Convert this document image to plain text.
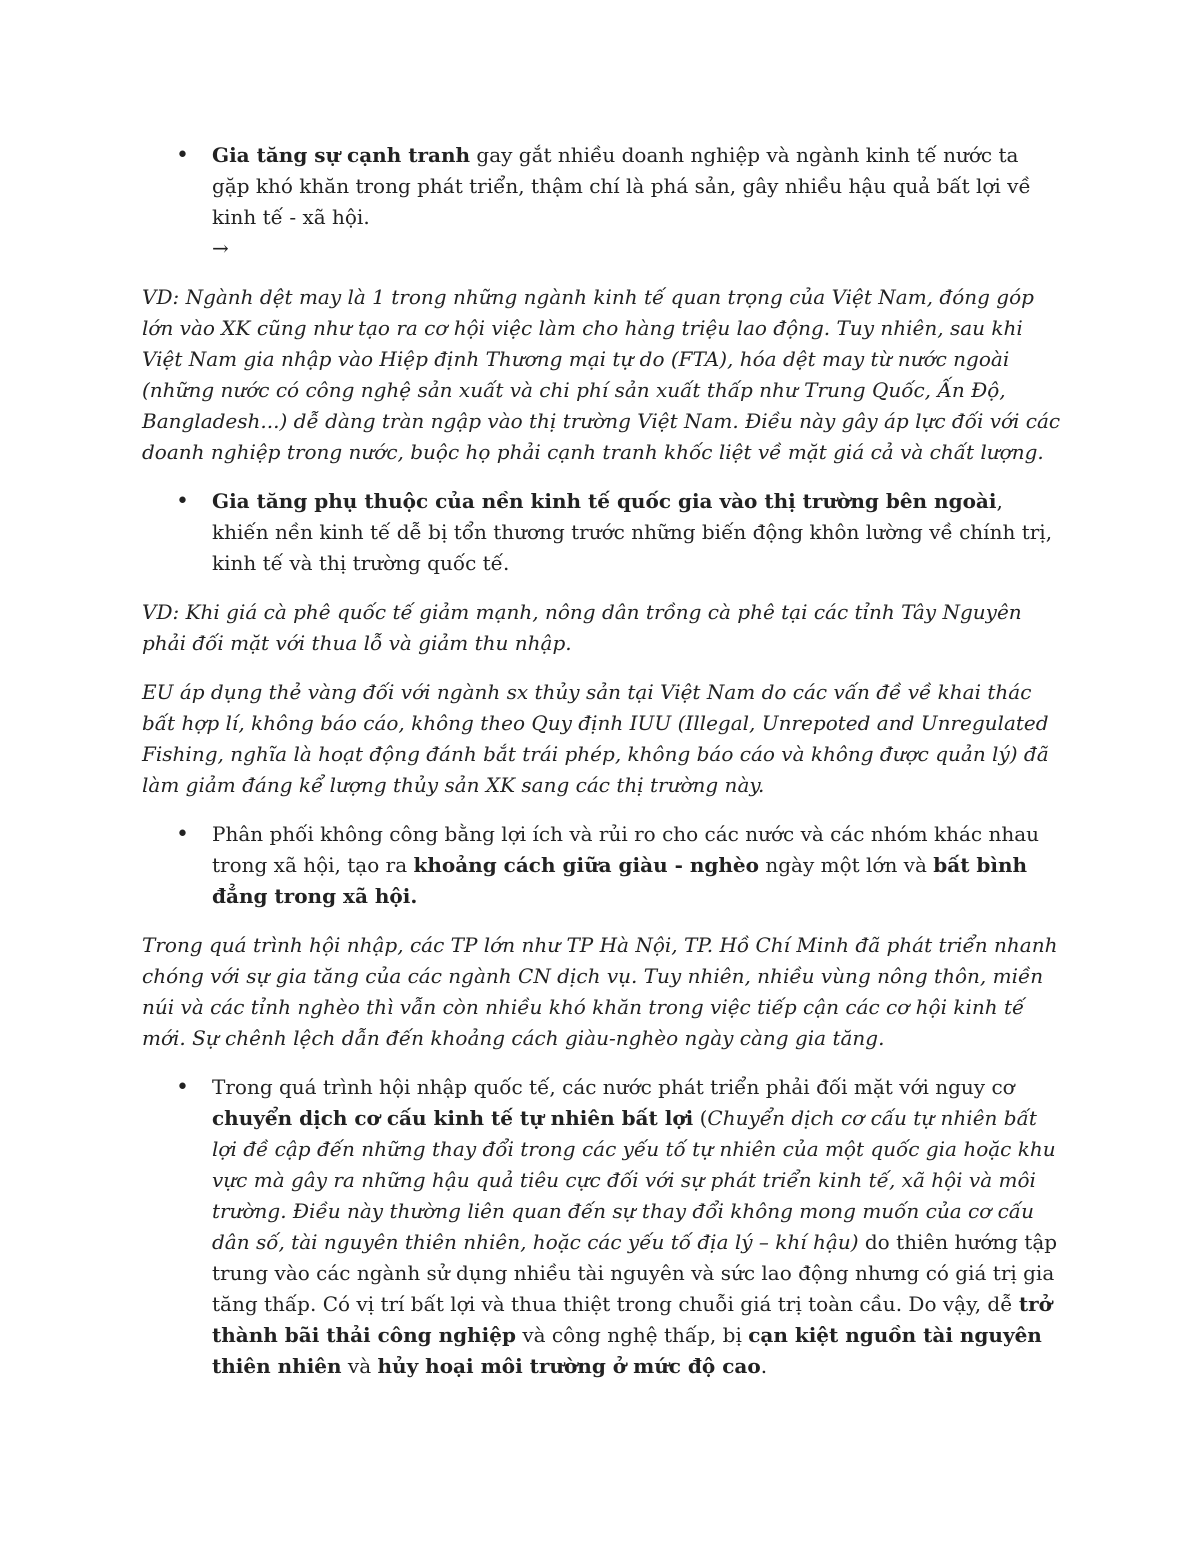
• Gia tăng sự cạnh tranh gay gắt nhiều doanh nghiệp và ngành kinh tế nước ta gặp khó khăn trong phát triển, thậm chí là phá sản, gây nhiều hậu quả bất lợi về kinh tế - xã hội.
→

VD: Ngành dệt may là 1 trong những ngành kinh tế quan trọng của Việt Nam, đóng góp lớn vào XK cũng như tạo ra cơ hội việc làm cho hàng triệu lao động. Tuy nhiên, sau khi Việt Nam gia nhập vào Hiệp định Thương mại tự do (FTA), hóa dệt may từ nước ngoài (những nước có công nghệ sản xuất và chi phí sản xuất thấp như Trung Quốc, Ấn Độ, Bangladesh...) dễ dàng tràn ngập vào thị trường Việt Nam. Điều này gây áp lực đối với các doanh nghiệp trong nước, buộc họ phải cạnh tranh khốc liệt về mặt giá cả và chất lượng.

• Gia tăng phụ thuộc của nền kinh tế quốc gia vào thị trường bên ngoài, khiến nền kinh tế dễ bị tổn thương trước những biến động khôn lường về chính trị, kinh tế và thị trường quốc tế.

VD: Khi giá cà phê quốc tế giảm mạnh, nông dân trồng cà phê tại các tỉnh Tây Nguyên phải đối mặt với thua lỗ và giảm thu nhập.

EU áp dụng thẻ vàng đối với ngành sx thủy sản tại Việt Nam do các vấn đề về khai thác bất hợp lí, không báo cáo, không theo Quy định IUU (Illegal, Unrepoted and Unregulated Fishing, nghĩa là hoạt động đánh bắt trái phép, không báo cáo và không được quản lý) đã làm giảm đáng kể lượng thủy sản XK sang các thị trường này.

• Phân phối không công bằng lợi ích và rủi ro cho các nước và các nhóm khác nhau trong xã hội, tạo ra khoảng cách giữa giàu - nghèo ngày một lớn và bất bình đẳng trong xã hội.

Trong quá trình hội nhập, các TP lớn như TP Hà Nội, TP. Hồ Chí Minh đã phát triển nhanh chóng với sự gia tăng của các ngành CN dịch vụ. Tuy nhiên, nhiều vùng nông thôn, miền núi và các tỉnh nghèo thì vẫn còn nhiều khó khăn trong việc tiếp cận các cơ hội kinh tế mới. Sự chênh lệch dẫn đến khoảng cách giàu-nghèo ngày càng gia tăng.

• Trong quá trình hội nhập quốc tế, các nước phát triển phải đối mặt với nguy cơ chuyển dịch cơ cấu kinh tế tự nhiên bất lợi (Chuyển dịch cơ cấu tự nhiên bất lợi đề cập đến những thay đổi trong các yếu tố tự nhiên của một quốc gia hoặc khu vực mà gây ra những hậu quả tiêu cực đối với sự phát triển kinh tế, xã hội và môi trường. Điều này thường liên quan đến sự thay đổi không mong muốn của cơ cấu dân số, tài nguyên thiên nhiên, hoặc các yếu tố địa lý – khí hậu) do thiên hướng tập trung vào các ngành sử dụng nhiều tài nguyên và sức lao động nhưng có giá trị gia tăng thấp. Có vị trí bất lợi và thua thiệt trong chuỗi giá trị toàn cầu. Do vậy, dễ trở thành bãi thải công nghiệp và công nghệ thấp, bị cạn kiệt nguồn tài nguyên thiên nhiên và hủy hoại môi trường ở mức độ cao.
